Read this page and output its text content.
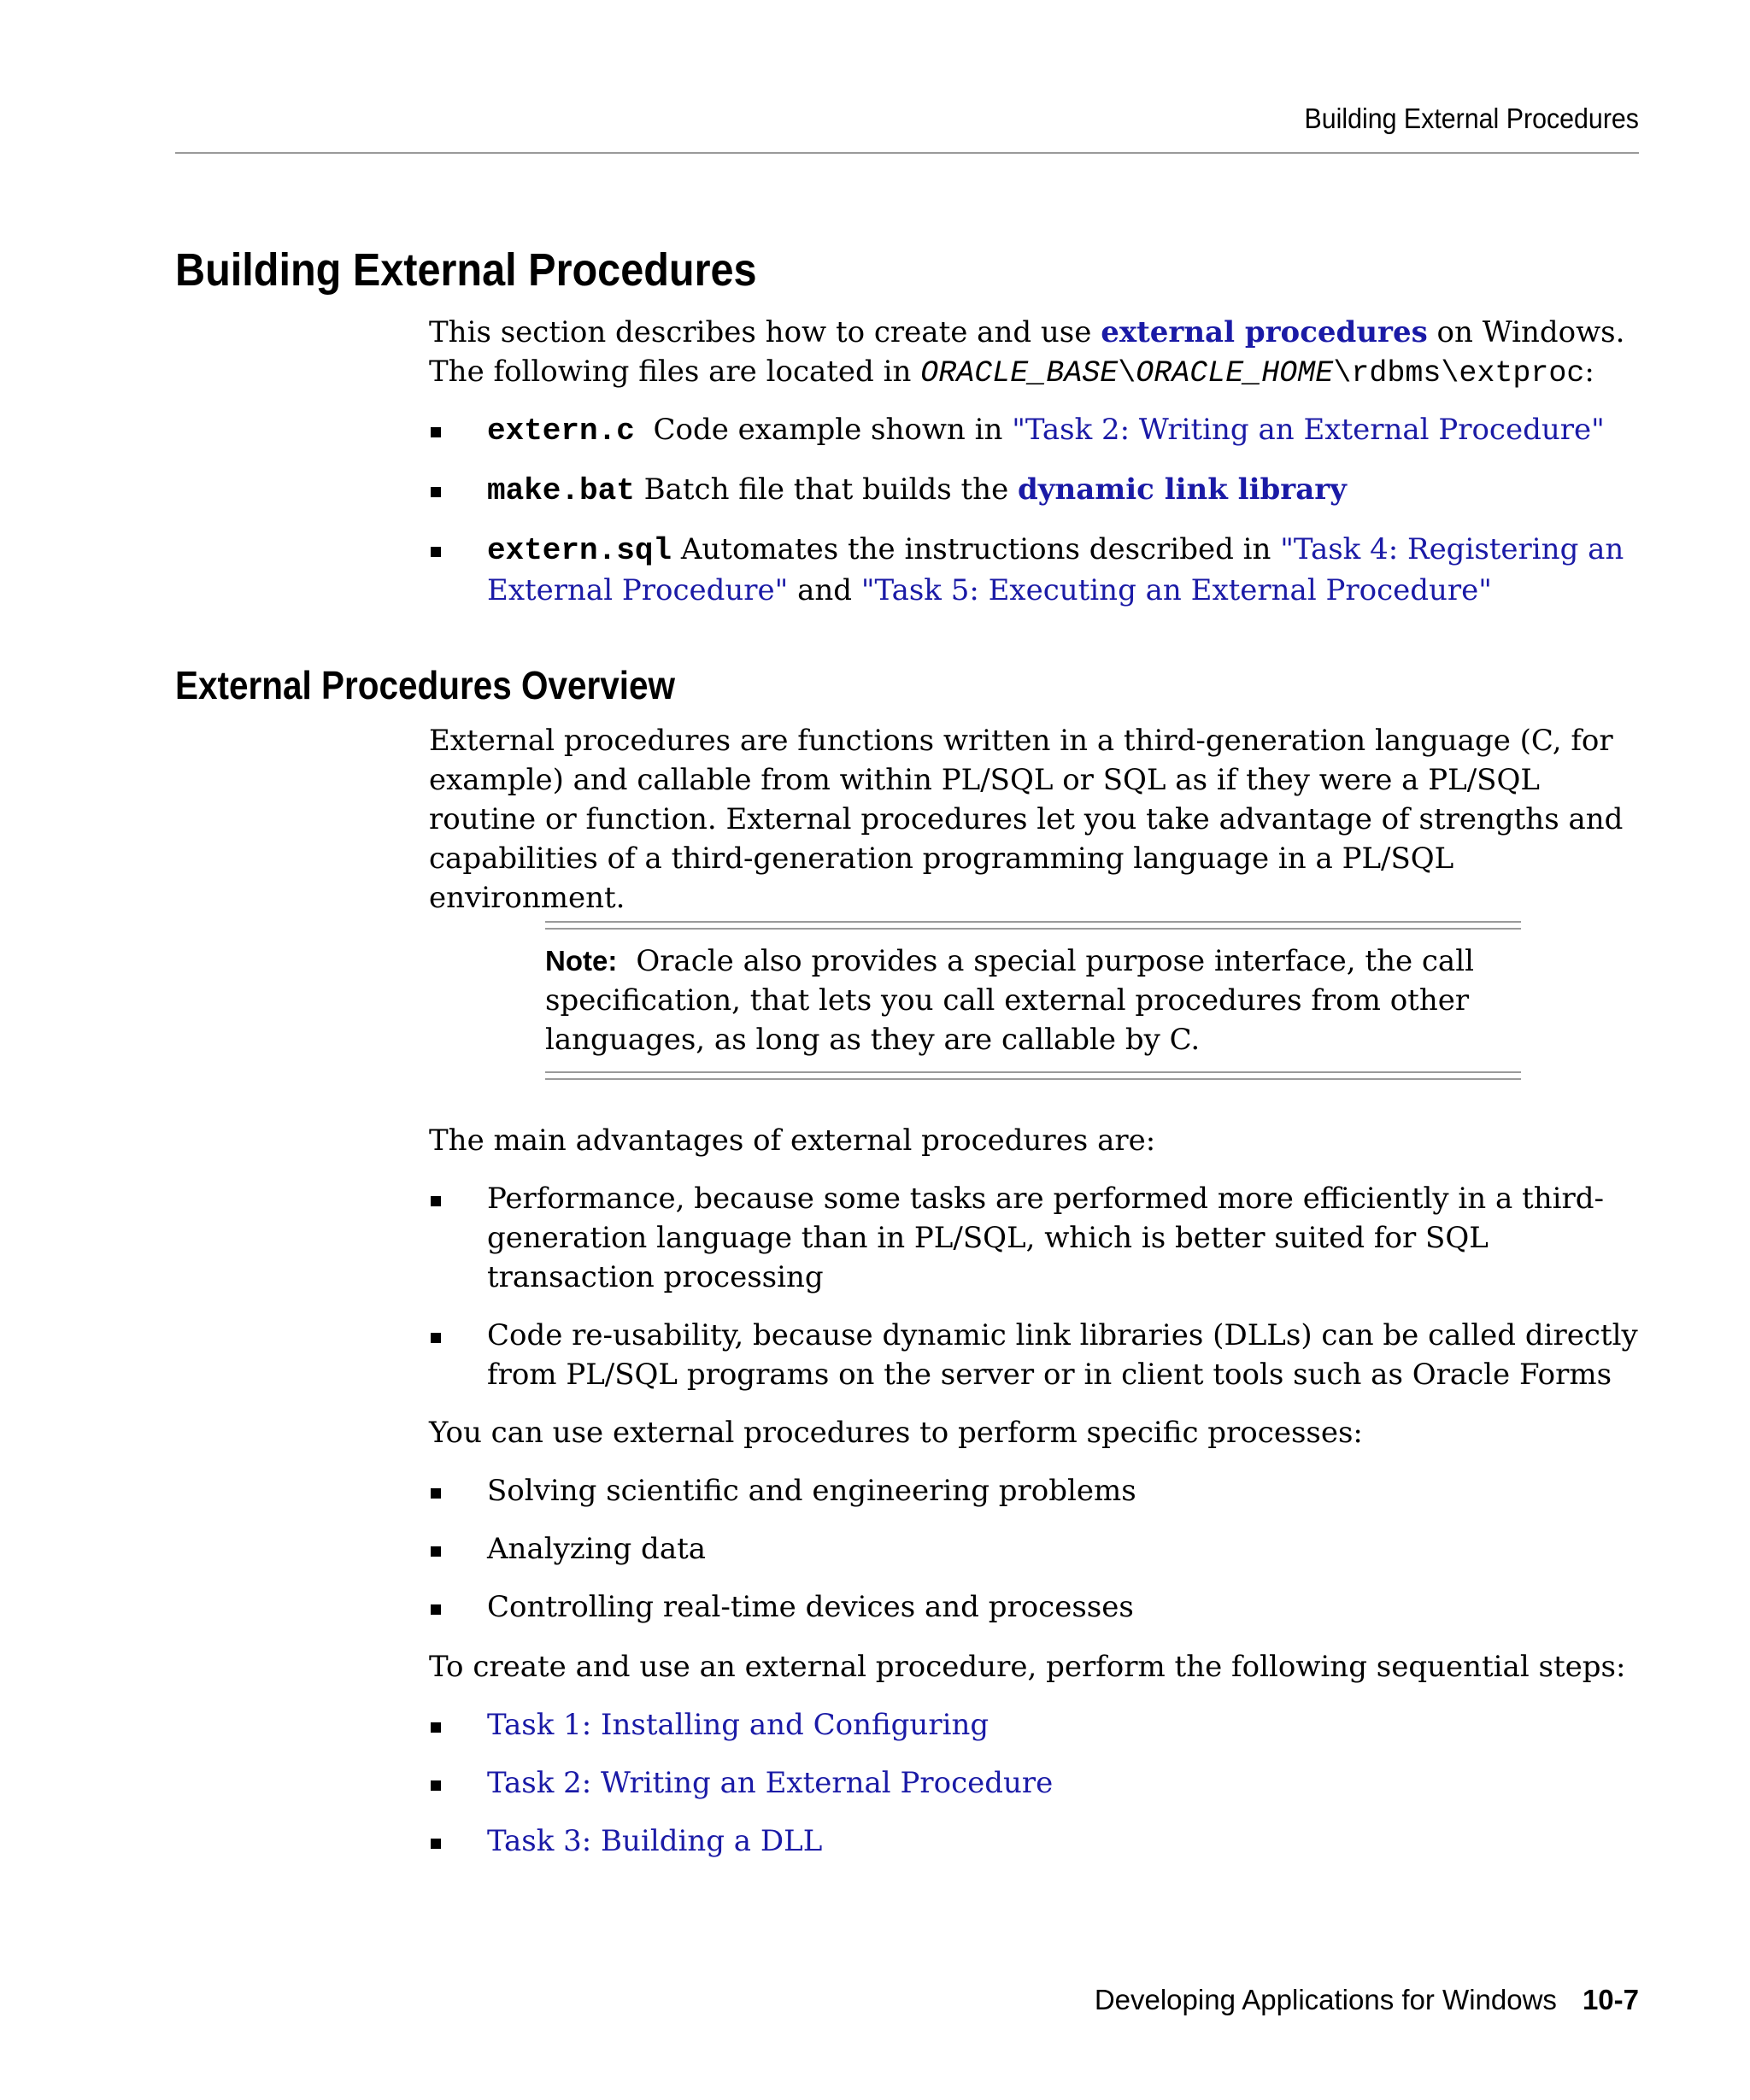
Building External Procedures
Building External Procedures

This section describes how to create and use external procedures on Windows. The following files are located in ORACLE_BASE\ORACLE_HOME\rdbms\extproc:

extern.c Code example shown in "Task 2: Writing an External Procedure"
make.bat Batch file that builds the dynamic link library
extern.sql Automates the instructions described in "Task 4: Registering an External Procedure" and "Task 5: Executing an External Procedure"
External Procedures Overview

External procedures are functions written in a third-generation language (C, for example) and callable from within PL/SQL or SQL as if they were a PL/SQL routine or function. External procedures let you take advantage of strengths and capabilities of a third-generation programming language in a PL/SQL environment.

Note: Oracle also provides a special purpose interface, the call specification, that lets you call external procedures from other languages, as long as they are callable by C.

The main advantages of external procedures are:

Performance, because some tasks are performed more efficiently in a third-generation language than in PL/SQL, which is better suited for SQL transaction processing
Code re-usability, because dynamic link libraries (DLLs) can be called directly from PL/SQL programs on the server or in client tools such as Oracle Forms

You can use external procedures to perform specific processes:

Solving scientific and engineering problems
Analyzing data
Controlling real-time devices and processes

To create and use an external procedure, perform the following sequential steps:

Task 1: Installing and Configuring
Task 2: Writing an External Procedure
Task 3: Building a DLL
Developing Applications for Windows 10-7
